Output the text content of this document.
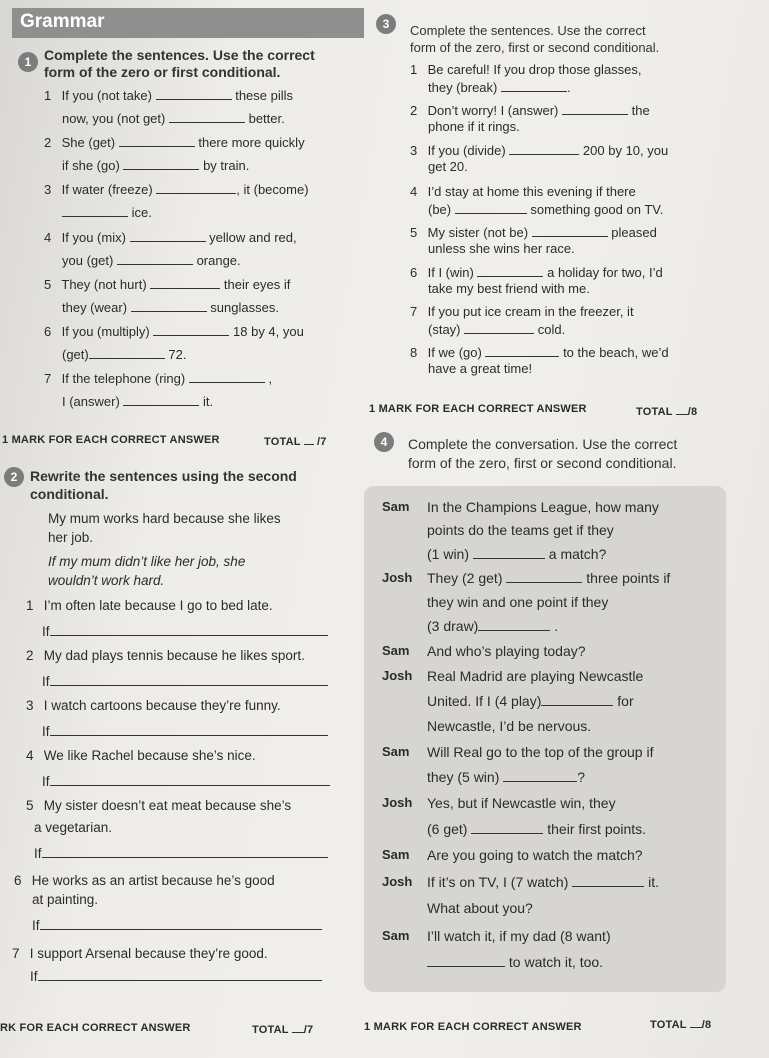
Grammar
1 Complete the sentences. Use the correct
form of the zero or first conditional.
1 If you (not take)	these pills
now, you (not get)	better.
2 She (get)	there more quickly
if she (go)	by train.
3 If water (freeze)	, it (become)
ice.
4 If you (mix)	yellow and red,
you (get)	orange.
5 They (not hurt)	their eyes if
they (wear)	sunglasses.
6 If you (multiply)	18 by 4, you
(get)	72.
7 If the telephone (ring)	,
I (answer)	it.
1 MARK FOR EACH CORRECT ANSWER	TOTAL /7
2 Rewrite the sentences using the second
conditional.
My mum works hard because she likes
her job.
If my mum didn’t like her job, she
wouldn’t work hard.
1 I’m often late because I go to bed late.
If
2 My dad plays tennis because he likes sport.
If
3 I watch cartoons because they’re funny.
If
4 We like Rachel because she’s nice.
If
5 My sister doesn’t eat meat because she’s
a vegetarian.
If
6 He works as an artist because he’s good
at painting.
If
7 I support Arsenal because they’re good.
If
RK FOR EACH CORRECT ANSWER	TOTAL /7
3	Complete the sentences. Use the correct
form of the zero, first or second conditional.
1 Be careful! If you drop those glasses,
they (break)	.
2 Don’t worry! I (answer)	the
phone if it rings.
3 If you (divide)	200 by 10, you
get 20.
4 I’d stay at home this evening if there
(be)	something good on TV.
5 My sister (not be)	pleased
unless she wins her race.
6 If I (win)	a holiday for two, I’d
take my best friend with me.
7 If you put ice cream in the freezer, it
(stay)	cold.
8 If we (go)	to the beach, we’d
have a great time!
1 MARK FOR EACH CORRECT ANSWER	TOTAL /8
4	Complete the conversation. Use the correct
form of the zero, first or second conditional.
Sam In the Champions League, how many
points do the teams get if they
(1 win)	a match?
Josh They (2 get)	three points if
they win and one point if they
(3 draw)	.
Sam And who’s playing today?
Josh Real Madrid are playing Newcastle
United. If I (4 play)	for
Newcastle, I’d be nervous.
Sam Will Real go to the top of the group if
they (5 win)	?
Josh Yes, but if Newcastle win, they
(6 get)	their first points.
Sam Are you going to watch the match?
Josh If it’s on TV, I (7 watch)	it.
What about you?
Sam I’ll watch it, if my dad (8 want)
to watch it, too.
1 MARK FOR EACH CORRECT ANSWER	TOTAL /8
